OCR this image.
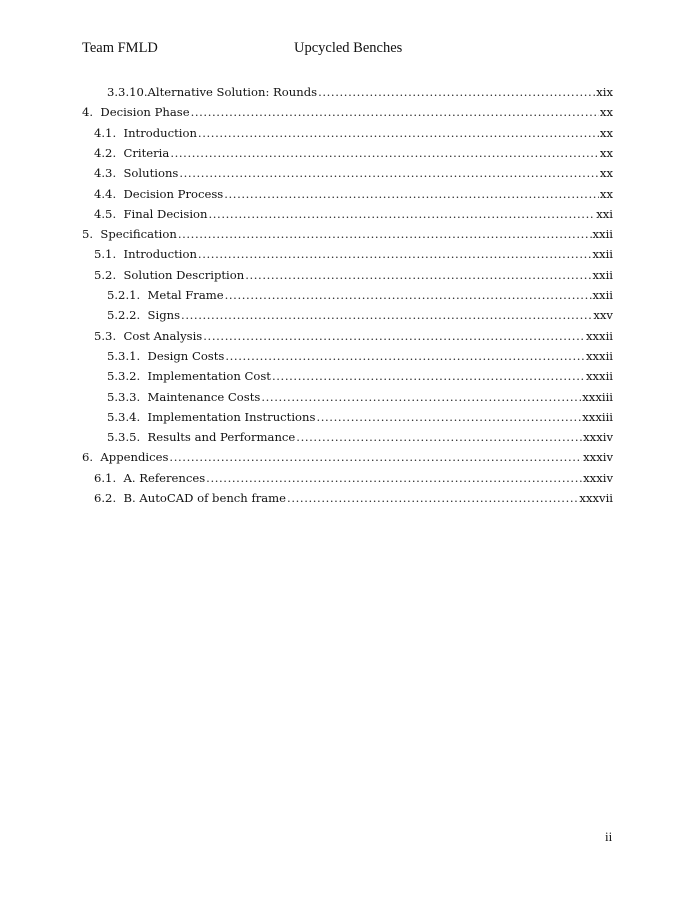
Team FMLD	Upcycled Benches
3.3.10.Alternative Solution: Rounds .....	xix
4.  Decision Phase .....	xx
4.1.  Introduction .....	xx
4.2.  Criteria .....	xx
4.3.  Solutions .....	xx
4.4.  Decision Process .....	xx
4.5.  Final Decision .....	xxi
5.  Specification .....	xxii
5.1.  Introduction .....	xxii
5.2.  Solution Description .....	xxii
5.2.1.  Metal Frame .....	xxii
5.2.2.  Signs .....	xxv
5.3.  Cost Analysis .....	xxxii
5.3.1.  Design Costs .....	xxxii
5.3.2.  Implementation Cost .....	xxxii
5.3.3.  Maintenance Costs .....	xxxiii
5.3.4.  Implementation Instructions .....	xxxiii
5.3.5.  Results and Performance .....	xxxiv
6.  Appendices .....	xxxiv
6.1.  A. References .....	xxxiv
6.2.  B. AutoCAD of bench frame .....	xxxvii
ii
